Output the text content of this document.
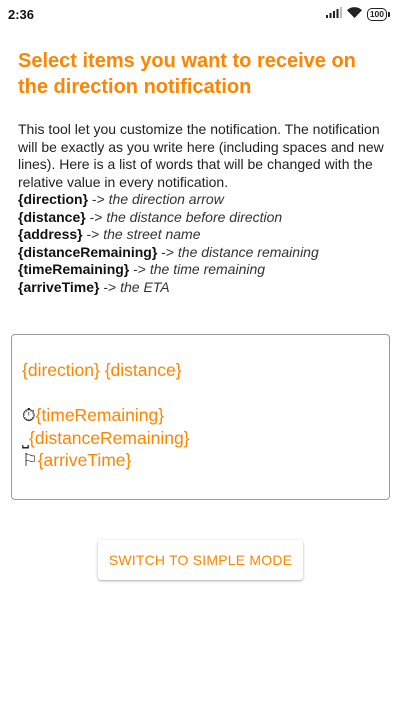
2:36	100
Select items you want to receive on the direction notification

This tool let you customize the notification. The notification will be exactly as you write here (including spaces and new lines). Here is a list of words that will be changed with the relative value in every notification.

{direction} -> the direction arrow
{distance} -> the distance before direction
{address} -> the street name
{distanceRemaining} -> the distance remaining
{timeRemaining} -> the time remaining
{arriveTime} -> the ETA
{direction} {distance}
⏱{timeRemaining}
⎵{distanceRemaining}
⚐{arriveTime}
SWITCH TO SIMPLE MODE
